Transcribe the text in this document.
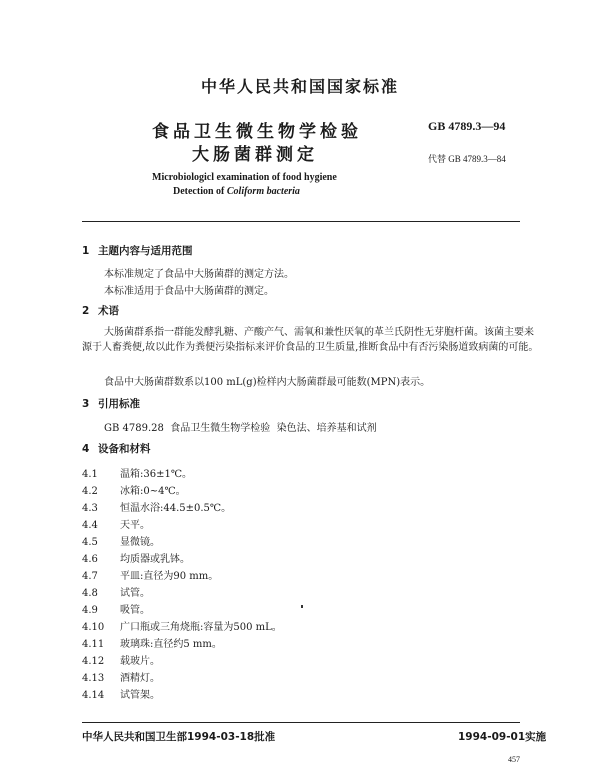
中华人民共和国国家标准
食品卫生微生物学检验
大肠菌群测定
GB 4789.3—94
代替 GB 4789.3—84
Microbiologicl examination of food hygiene
Detection of Coliform bacteria
1 主题内容与适用范围
本标准规定了食品中大肠菌群的测定方法。
本标准适用于食品中大肠菌群的测定。
2 术语
大肠菌群系指一群能发酵乳糖、产酸产气、需氧和兼性厌氧的革兰氏阴性无芽胞杆菌。该菌主要来源于人畜粪便,故以此作为粪便污染指标来评价食品的卫生质量,推断食品中有否污染肠道致病菌的可能。
食品中大肠菌群数系以100 mL(g)检样内大肠菌群最可能数(MPN)表示。
3 引用标准
GB 4789.28  食品卫生微生物学检验  染色法、培养基和试剂
4 设备和材料
4.1 温箱:36±1℃。
4.2 冰箱:0~4℃。
4.3 恒温水浴:44.5±0.5℃。
4.4 天平。
4.5 显微镜。
4.6 均质器或乳钵。
4.7 平皿:直径为90 mm。
4.8 试管。
4.9 吸管。
4.10 广口瓶或三角烧瓶:容量为500 mL。
4.11 玻璃珠:直径约5 mm。
4.12 载玻片。
4.13 酒精灯。
4.14 试管架。
中华人民共和国卫生部1994-03-18批准	1994-09-01实施
457
